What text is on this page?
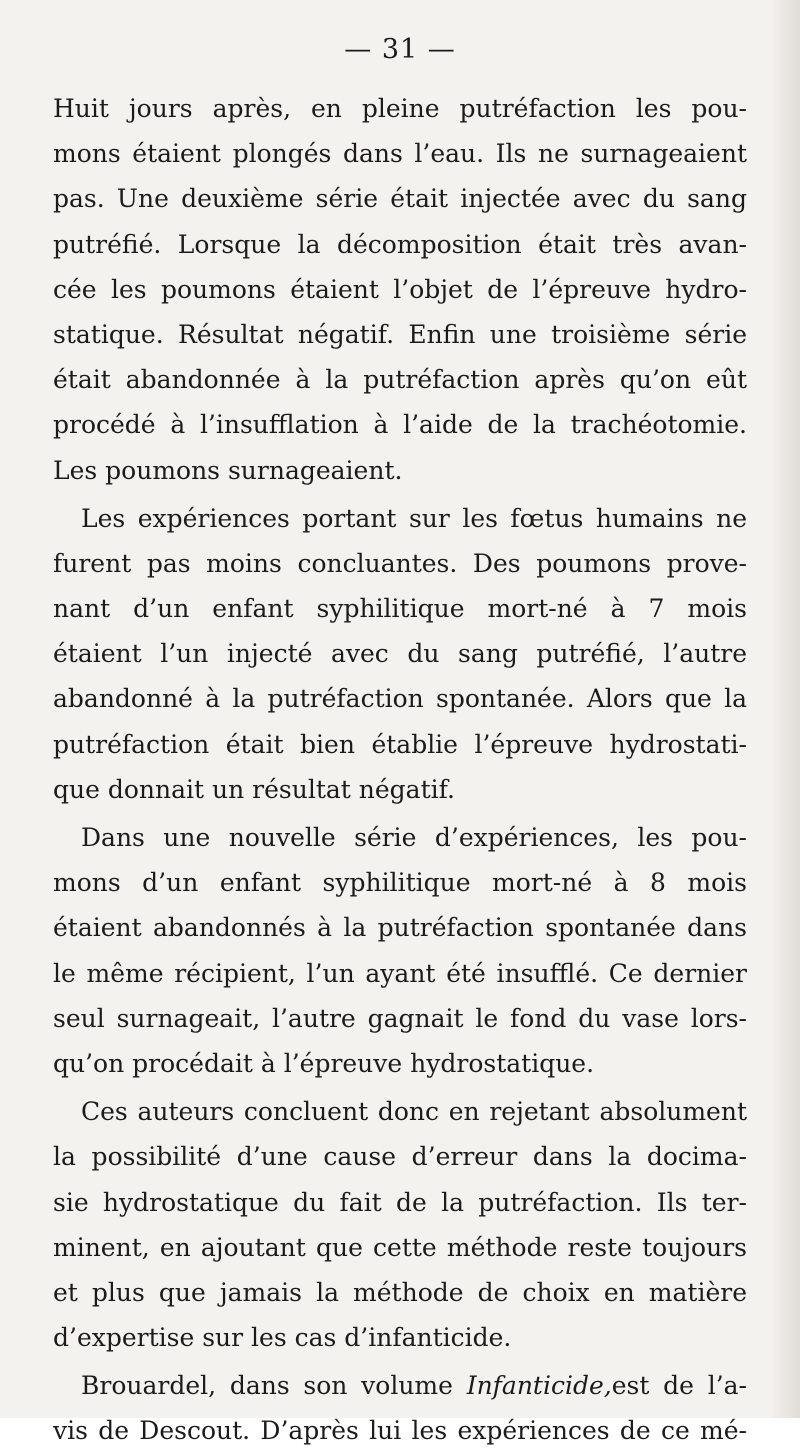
— 31 —
Huit jours après, en pleine putréfaction les pou-
mons étaient plongés dans l’eau. Ils ne surnageaient
pas. Une deuxième série était injectée avec du sang
putréfié. Lorsque la décomposition était très avan-
cée les poumons étaient l’objet de l’épreuve hydro-
statique. Résultat négatif. Enfin une troisième série
était abandonnée à la putréfaction après qu’on eût
procédé à l’insufflation à l’aide de la trachéotomie.
Les poumons surnageaient.
Les expériences portant sur les fœtus humains ne
furent pas moins concluantes. Des poumons prove-
nant d’un enfant syphilitique mort-né à 7 mois
étaient l’un injecté avec du sang putréfié, l’autre
abandonné à la putréfaction spontanée. Alors que la
putréfaction était bien établie l’épreuve hydrostati-
que donnait un résultat négatif.
Dans une nouvelle série d’expériences, les pou-
mons d’un enfant syphilitique mort-né à 8 mois
étaient abandonnés à la putréfaction spontanée dans
le même récipient, l’un ayant été insufflé. Ce dernier
seul surnageait, l’autre gagnait le fond du vase lors-
qu’on procédait à l’épreuve hydrostatique.
Ces auteurs concluent donc en rejetant absolument
la possibilité d’une cause d’erreur dans la docima-
sie hydrostatique du fait de la putréfaction. Ils ter-
minent, en ajoutant que cette méthode reste toujours
et plus que jamais la méthode de choix en matière
d’expertise sur les cas d’infanticide.
Brouardel, dans son volume Infanticide,est de l’a-
vis de Descout. D’après lui les expériences de ce mé-
